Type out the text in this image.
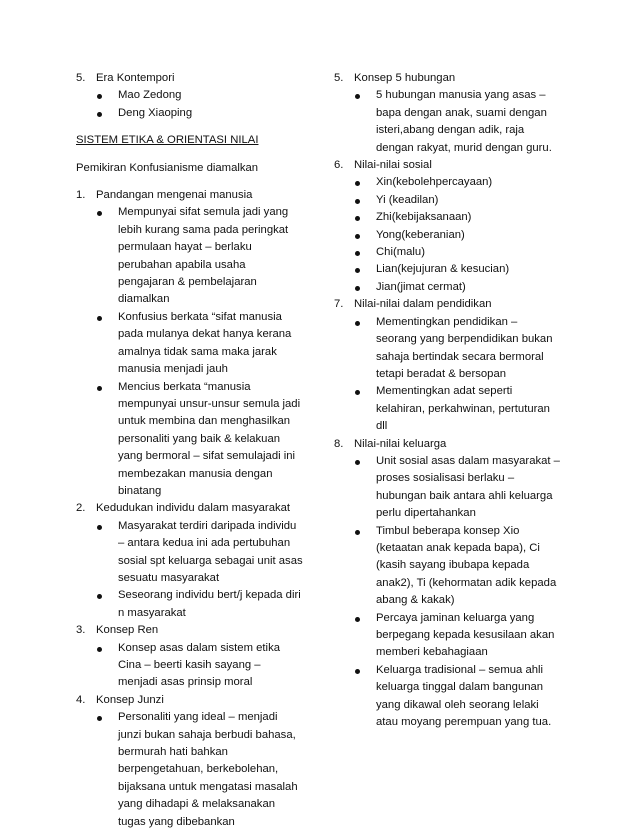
5. Era Kontempori
Mao Zedong
Deng Xiaoping
SISTEM ETIKA & ORIENTASI NILAI
Pemikiran Konfusianisme diamalkan
1. Pandangan mengenai manusia
Mempunyai sifat semula jadi yang
lebih kurang sama pada peringkat
permulaan hayat – berlaku
perubahan apabila usaha
pengajaran & pembelajaran
diamalkan
Konfusius berkata “sifat manusia
pada mulanya dekat hanya kerana
amalnya tidak sama maka jarak
manusia menjadi jauh
Mencius berkata “manusia
mempunyai unsur-unsur semula jadi
untuk membina dan menghasilkan
personaliti yang baik & kelakuan
yang bermoral – sifat semulajadi ini
membezakan manusia dengan
binatang
2. Kedudukan individu dalam masyarakat
Masyarakat terdiri daripada individu
– antara kedua ini ada pertubuhan
sosial spt keluarga sebagai unit asas
sesuatu masyarakat
Seseorang individu bert/j kepada diri
n masyarakat
3. Konsep Ren
Konsep asas dalam sistem etika
Cina – beerti kasih sayang –
menjadi asas prinsip moral
4. Konsep Junzi
Personaliti yang ideal – menjadi
junzi bukan sahaja berbudi bahasa,
bermurah hati bahkan
berpengetahuan, berkebolehan,
bijaksana untuk mengatasi masalah
yang dihadapi & melaksanakan
tugas yang dibebankan
5. Konsep 5 hubungan
5 hubungan manusia yang asas –
bapa dengan anak, suami dengan
isteri,abang dengan adik, raja
dengan rakyat, murid dengan guru.
6. Nilai-nilai sosial
Xin(kebolehpercayaan)
Yi (keadilan)
Zhi(kebijaksanaan)
Yong(keberanian)
Chi(malu)
Lian(kejujuran & kesucian)
Jian(jimat cermat)
7. Nilai-nilai dalam pendidikan
Mementingkan pendidikan –
seorang yang berpendidikan bukan
sahaja bertindak secara bermoral
tetapi beradat & bersopan
Mementingkan adat seperti
kelahiran, perkahwinan, pertuturan
dll
8. Nilai-nilai keluarga
Unit sosial asas dalam masyarakat –
proses sosialisasi berlaku –
hubungan baik antara ahli keluarga
perlu dipertahankan
Timbul beberapa konsep Xio
(ketaatan anak kepada bapa), Ci
(kasih sayang ibubapa kepada
anak2), Ti (kehormatan adik kepada
abang & kakak)
Percaya jaminan keluarga yang
berpegang kepada kesusilaan akan
memberi kebahagiaan
Keluarga tradisional – semua ahli
keluarga tinggal dalam bangunan
yang dikawal oleh seorang lelaki
atau moyang perempuan yang tua.
